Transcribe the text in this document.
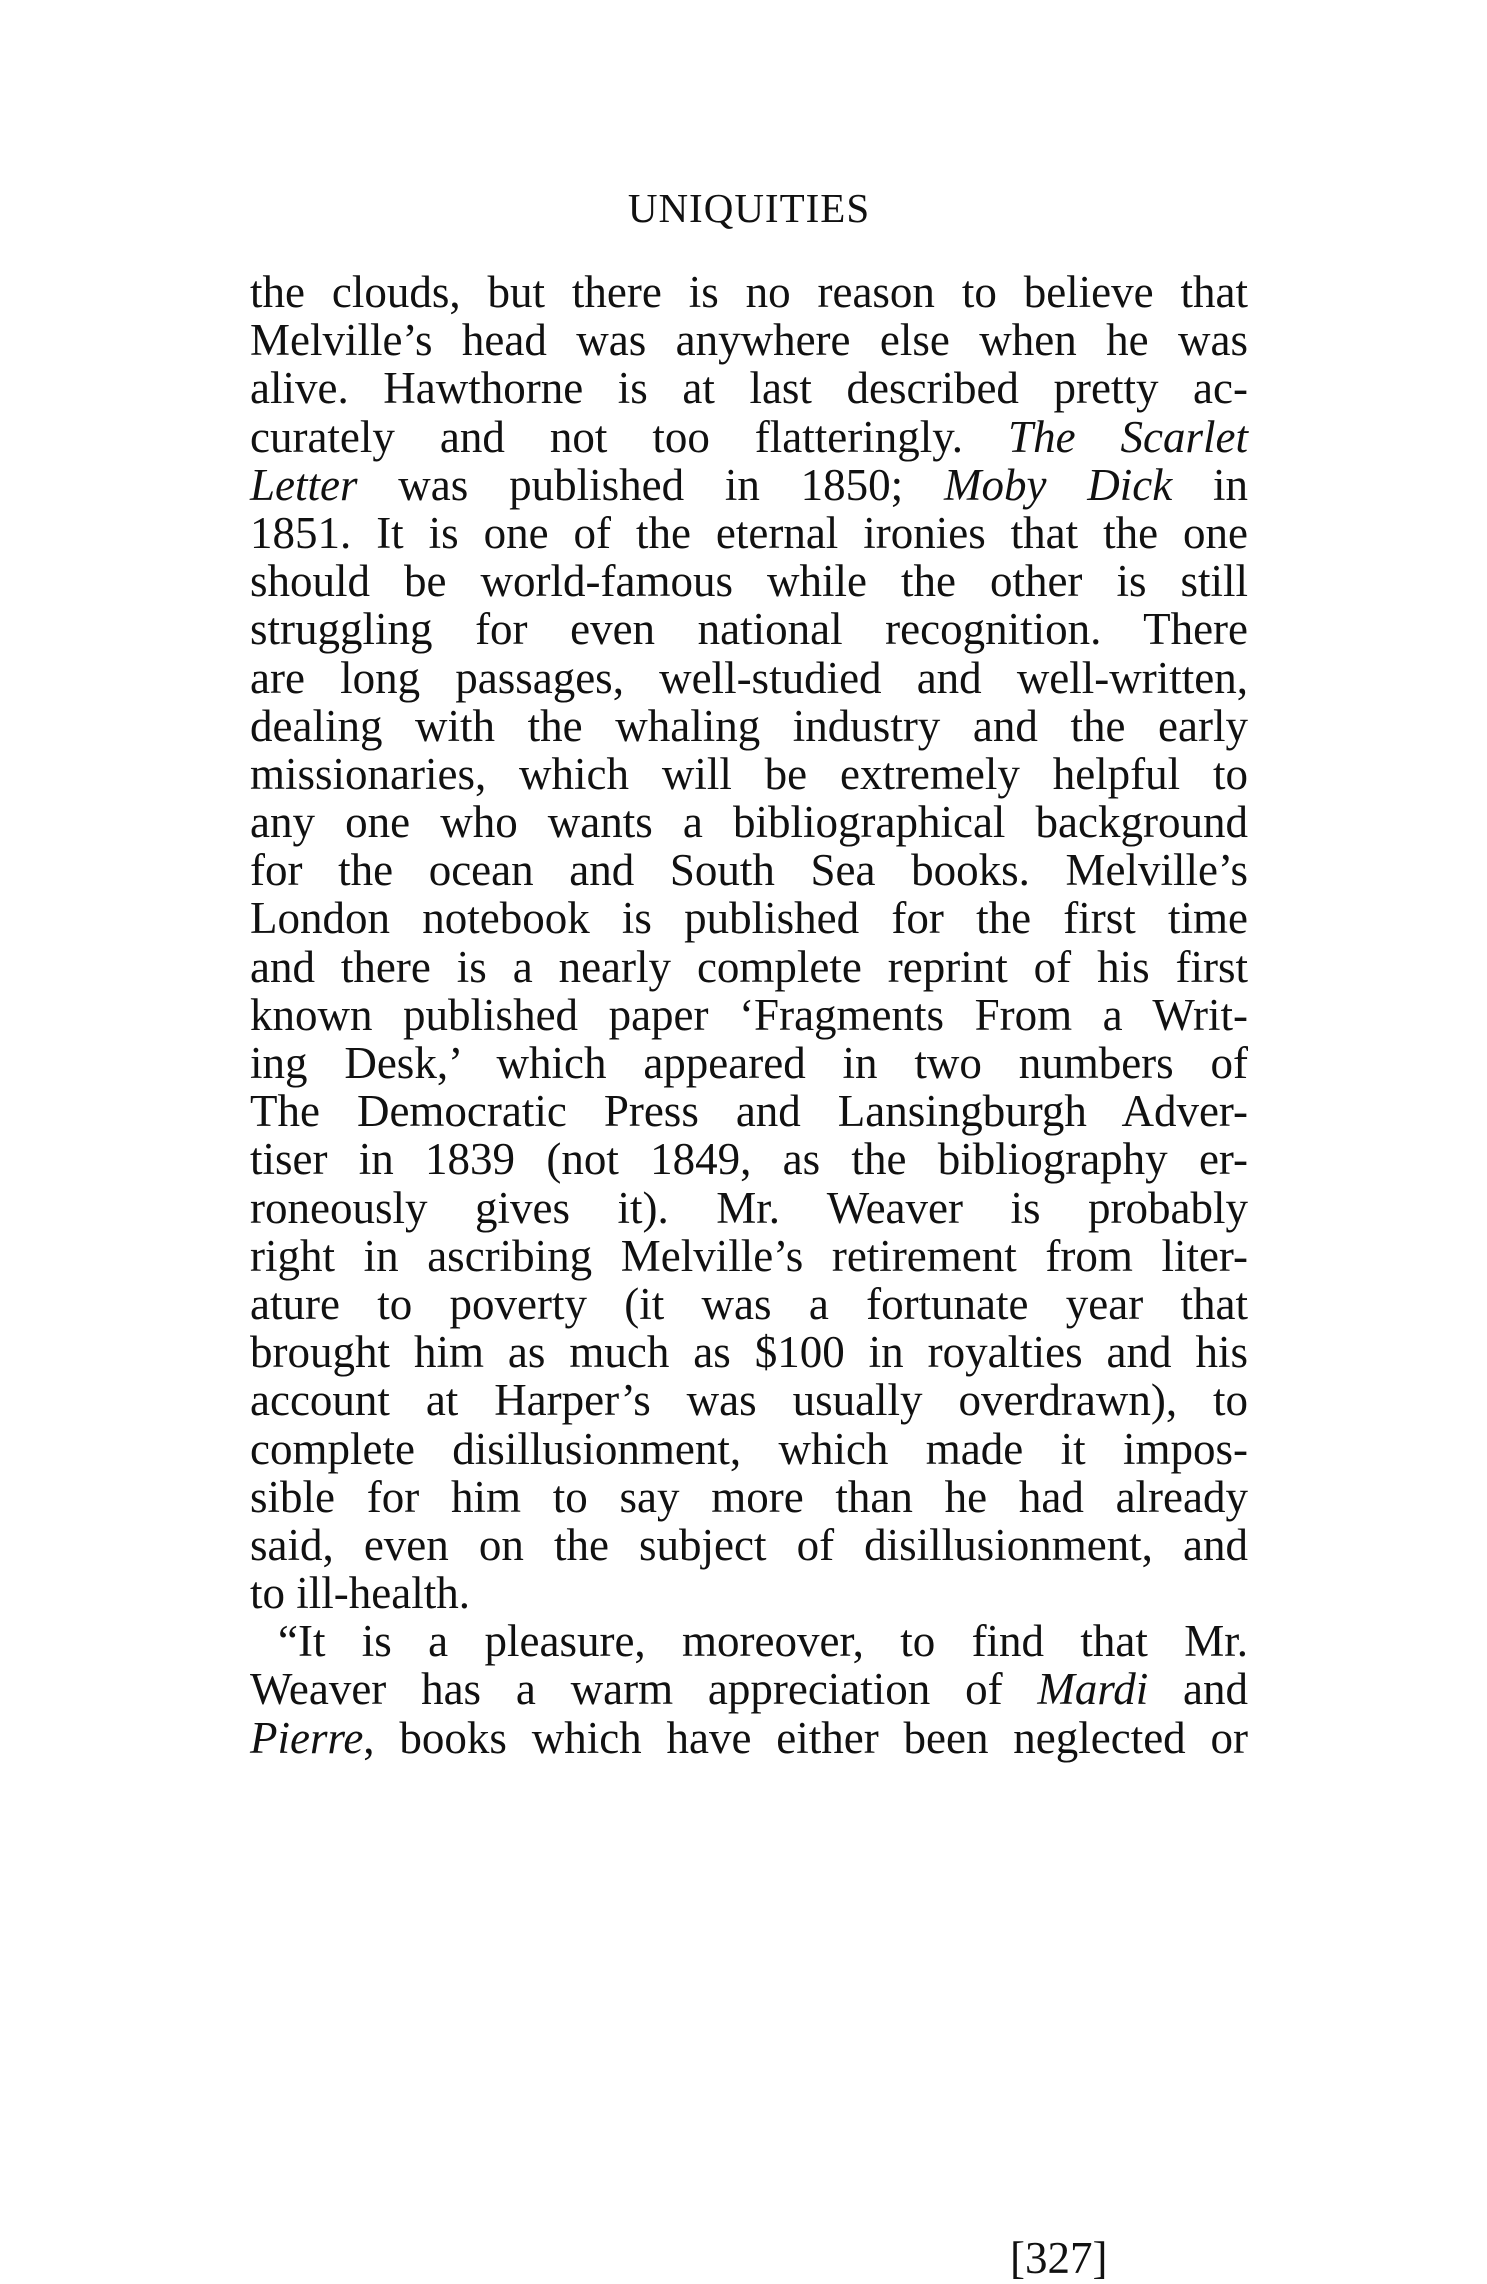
UNIQUITIES
the clouds, but there is no reason to believe that
Melville’s head was anywhere else when he was
alive. Hawthorne is at last described pretty ac-
curately and not too flatteringly. The Scarlet
Letter was published in 1850; Moby Dick in
1851. It is one of the eternal ironies that the one
should be world-famous while the other is still
struggling for even national recognition. There
are long passages, well-studied and well-written,
dealing with the whaling industry and the early
missionaries, which will be extremely helpful to
any one who wants a bibliographical background
for the ocean and South Sea books. Melville’s
London notebook is published for the first time
and there is a nearly complete reprint of his first
known published paper ‘Fragments From a Writ-
ing Desk,’ which appeared in two numbers of
The Democratic Press and Lansingburgh Adver-
tiser in 1839 (not 1849, as the bibliography er-
roneously gives it). Mr. Weaver is probably
right in ascribing Melville’s retirement from liter-
ature to poverty (it was a fortunate year that
brought him as much as $100 in royalties and his
account at Harper’s was usually overdrawn), to
complete disillusionment, which made it impos-
sible for him to say more than he had already
said, even on the subject of disillusionment, and
to ill-health.
“It is a pleasure, moreover, to find that Mr.
Weaver has a warm appreciation of Mardi and
Pierre, books which have either been neglected or
[327]
